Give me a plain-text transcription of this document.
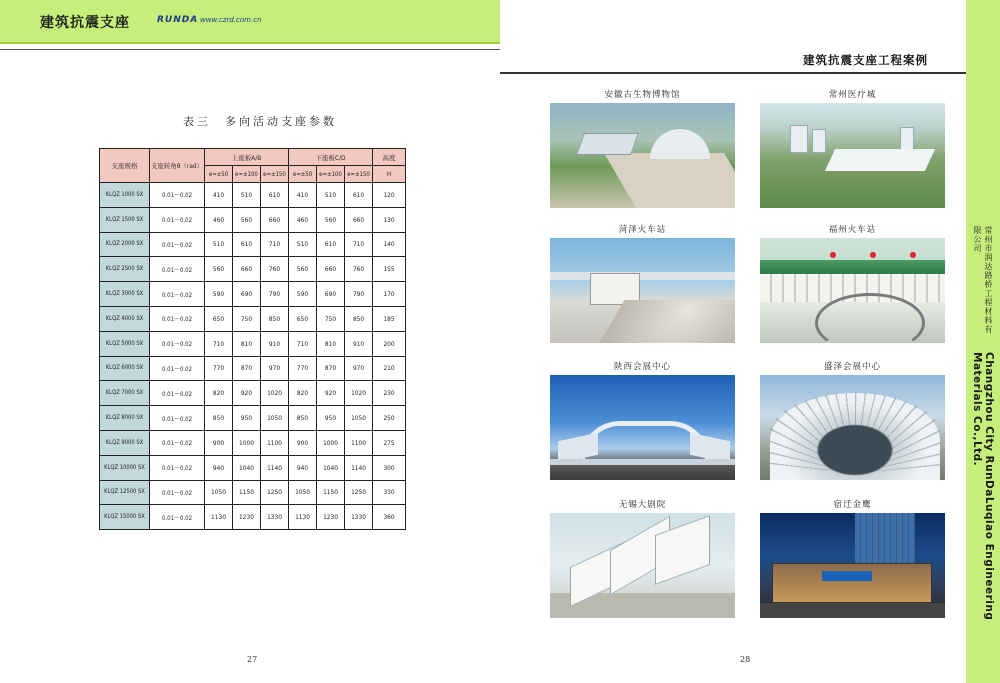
建筑抗震支座	RUNDA www.czrd.com.cn
表三　多向活动支座参数
支座规格	支座转角θ（rad）	上座板A/B			下座板C/D			高度
		e=±50	e=±100	e=±150	e=±50	e=±100	e=±150	H
KLQZ 1000 SX	0.01～0.02	410	510	610	410	510	610	120
KLQZ 1500 SX	0.01～0.02	460	560	660	460	560	660	130
KLQZ 2000 SX	0.01～0.02	510	610	710	510	610	710	140
KLQZ 2500 SX	0.01～0.02	560	660	760	560	660	760	155
KLQZ 3000 SX	0.01～0.02	590	690	790	590	690	790	170
KLQZ 4000 SX	0.01～0.02	650	750	850	650	750	850	185
KLQZ 5000 SX	0.01～0.02	710	810	910	710	810	910	200
KLQZ 6000 SX	0.01～0.02	770	870	970	770	870	970	210
KLQZ 7000 SX	0.01～0.02	820	920	1020	820	920	1020	230
KLQZ 8000 SX	0.01～0.02	850	950	1050	850	950	1050	250
KLQZ 9000 SX	0.01～0.02	900	1000	1100	900	1000	1100	275
KLQZ 10000 SX	0.01～0.02	940	1040	1140	940	1040	1140	300
KLQZ 12500 SX	0.01～0.02	1050	1150	1250	1050	1150	1250	330
KLQZ 15000 SX	0.01～0.02	1130	1230	1330	1130	1230	1330	360
27
建筑抗震支座工程案例
安徽古生物博物馆	常州医疗城
菏泽火车站	福州火车站
陕西会展中心	盛泽会展中心
无锡大剧院	宿迁金鹰
28
常州市润达路桥工程材料有限公司
Changzhou City RunDaLuqiao Engineering Materials Co.,Ltd.
